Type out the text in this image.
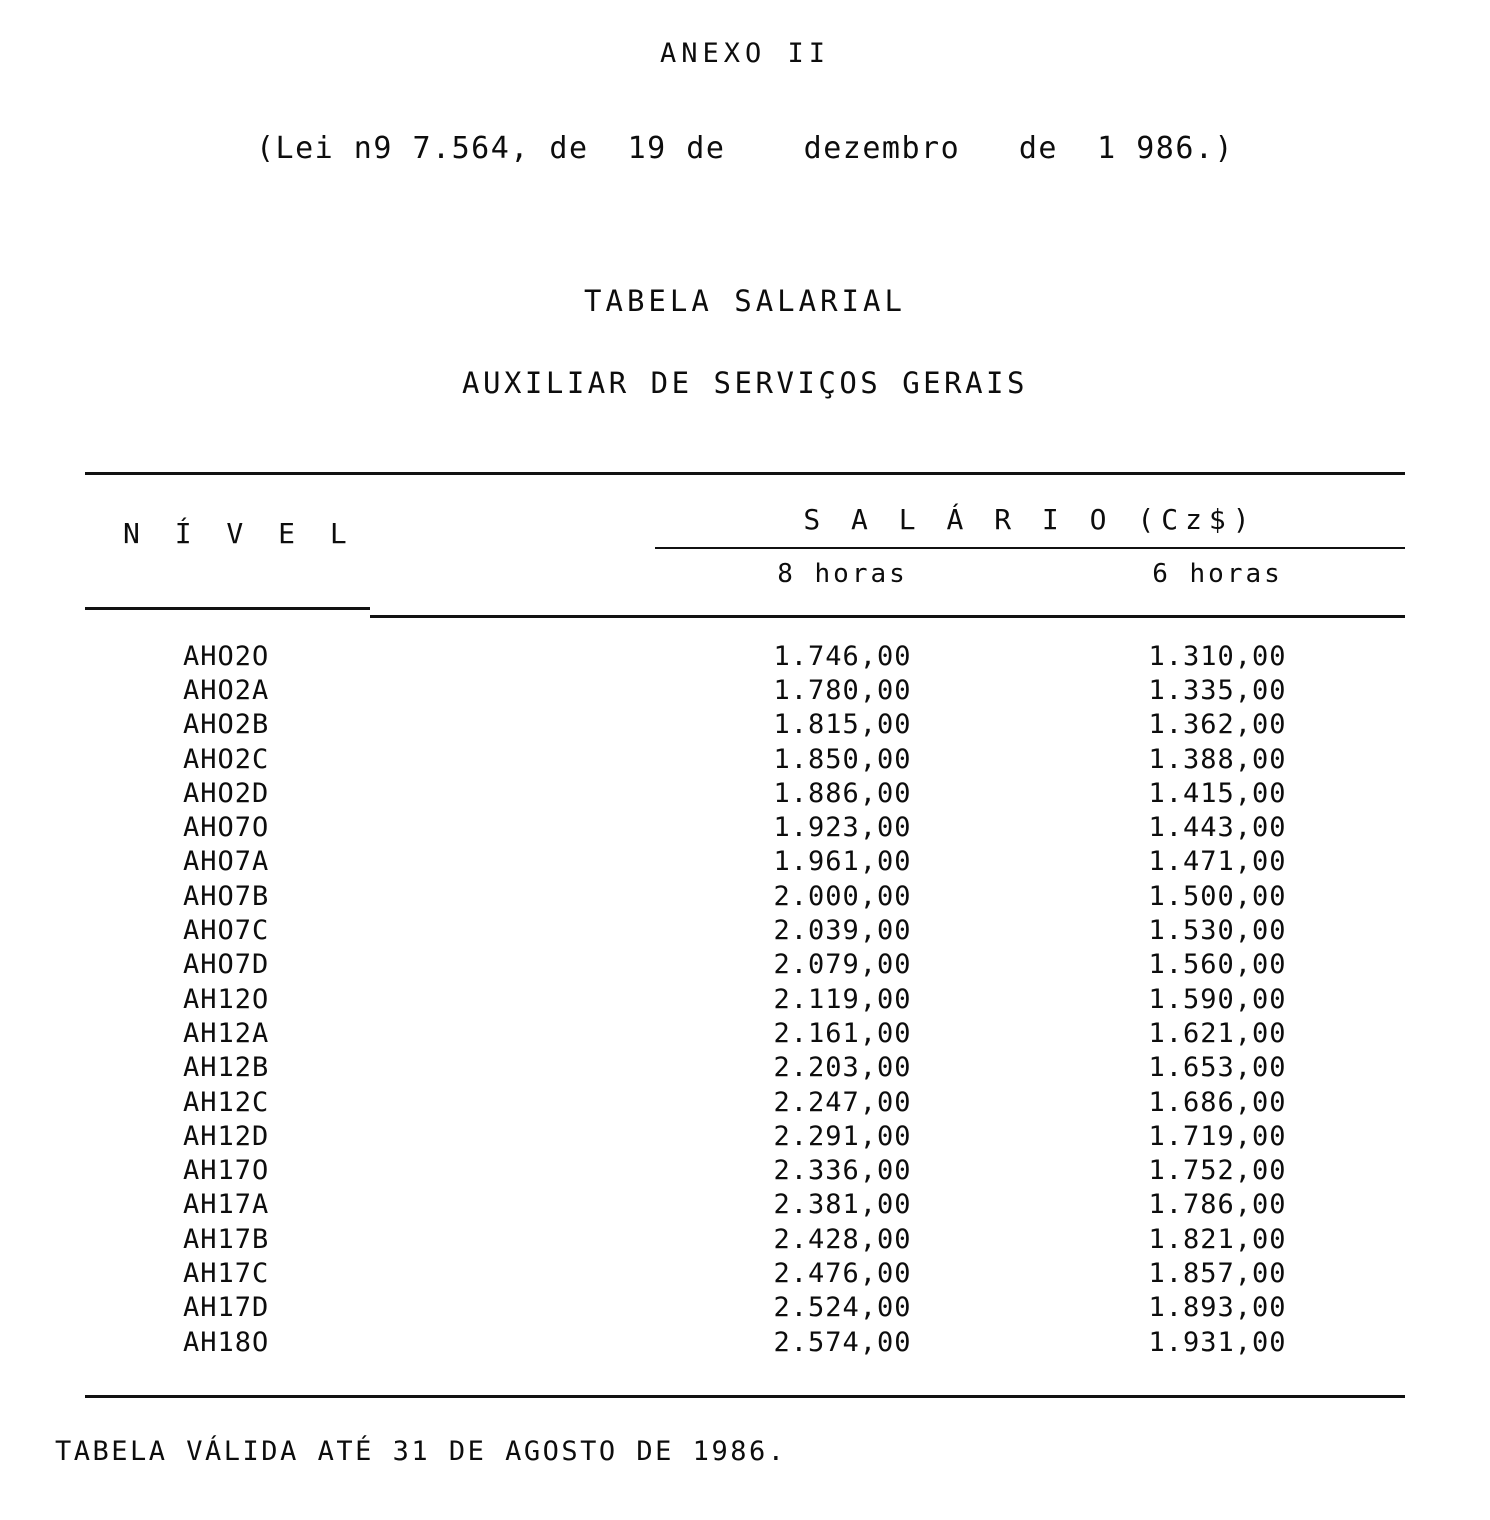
ANEXO II
(Lei n9 7.564, de  19 de    dezembro   de  1 986.)
TABELA SALARIAL
AUXILIAR DE SERVIÇOS GERAIS
N Í V E L	S A L Á R I O (Cz$)
8 horas	6 horas
AHO2O	1.746,00	1.310,00
AHO2A	1.780,00	1.335,00
AHO2B	1.815,00	1.362,00
AHO2C	1.850,00	1.388,00
AHO2D	1.886,00	1.415,00
AHO7O	1.923,00	1.443,00
AHO7A	1.961,00	1.471,00
AHO7B	2.000,00	1.500,00
AHO7C	2.039,00	1.530,00
AHO7D	2.079,00	1.560,00
AH12O	2.119,00	1.590,00
AH12A	2.161,00	1.621,00
AH12B	2.203,00	1.653,00
AH12C	2.247,00	1.686,00
AH12D	2.291,00	1.719,00
AH17O	2.336,00	1.752,00
AH17A	2.381,00	1.786,00
AH17B	2.428,00	1.821,00
AH17C	2.476,00	1.857,00
AH17D	2.524,00	1.893,00
AH18O	2.574,00	1.931,00
TABELA VÁLIDA ATÉ 31 DE AGOSTO DE 1986.
